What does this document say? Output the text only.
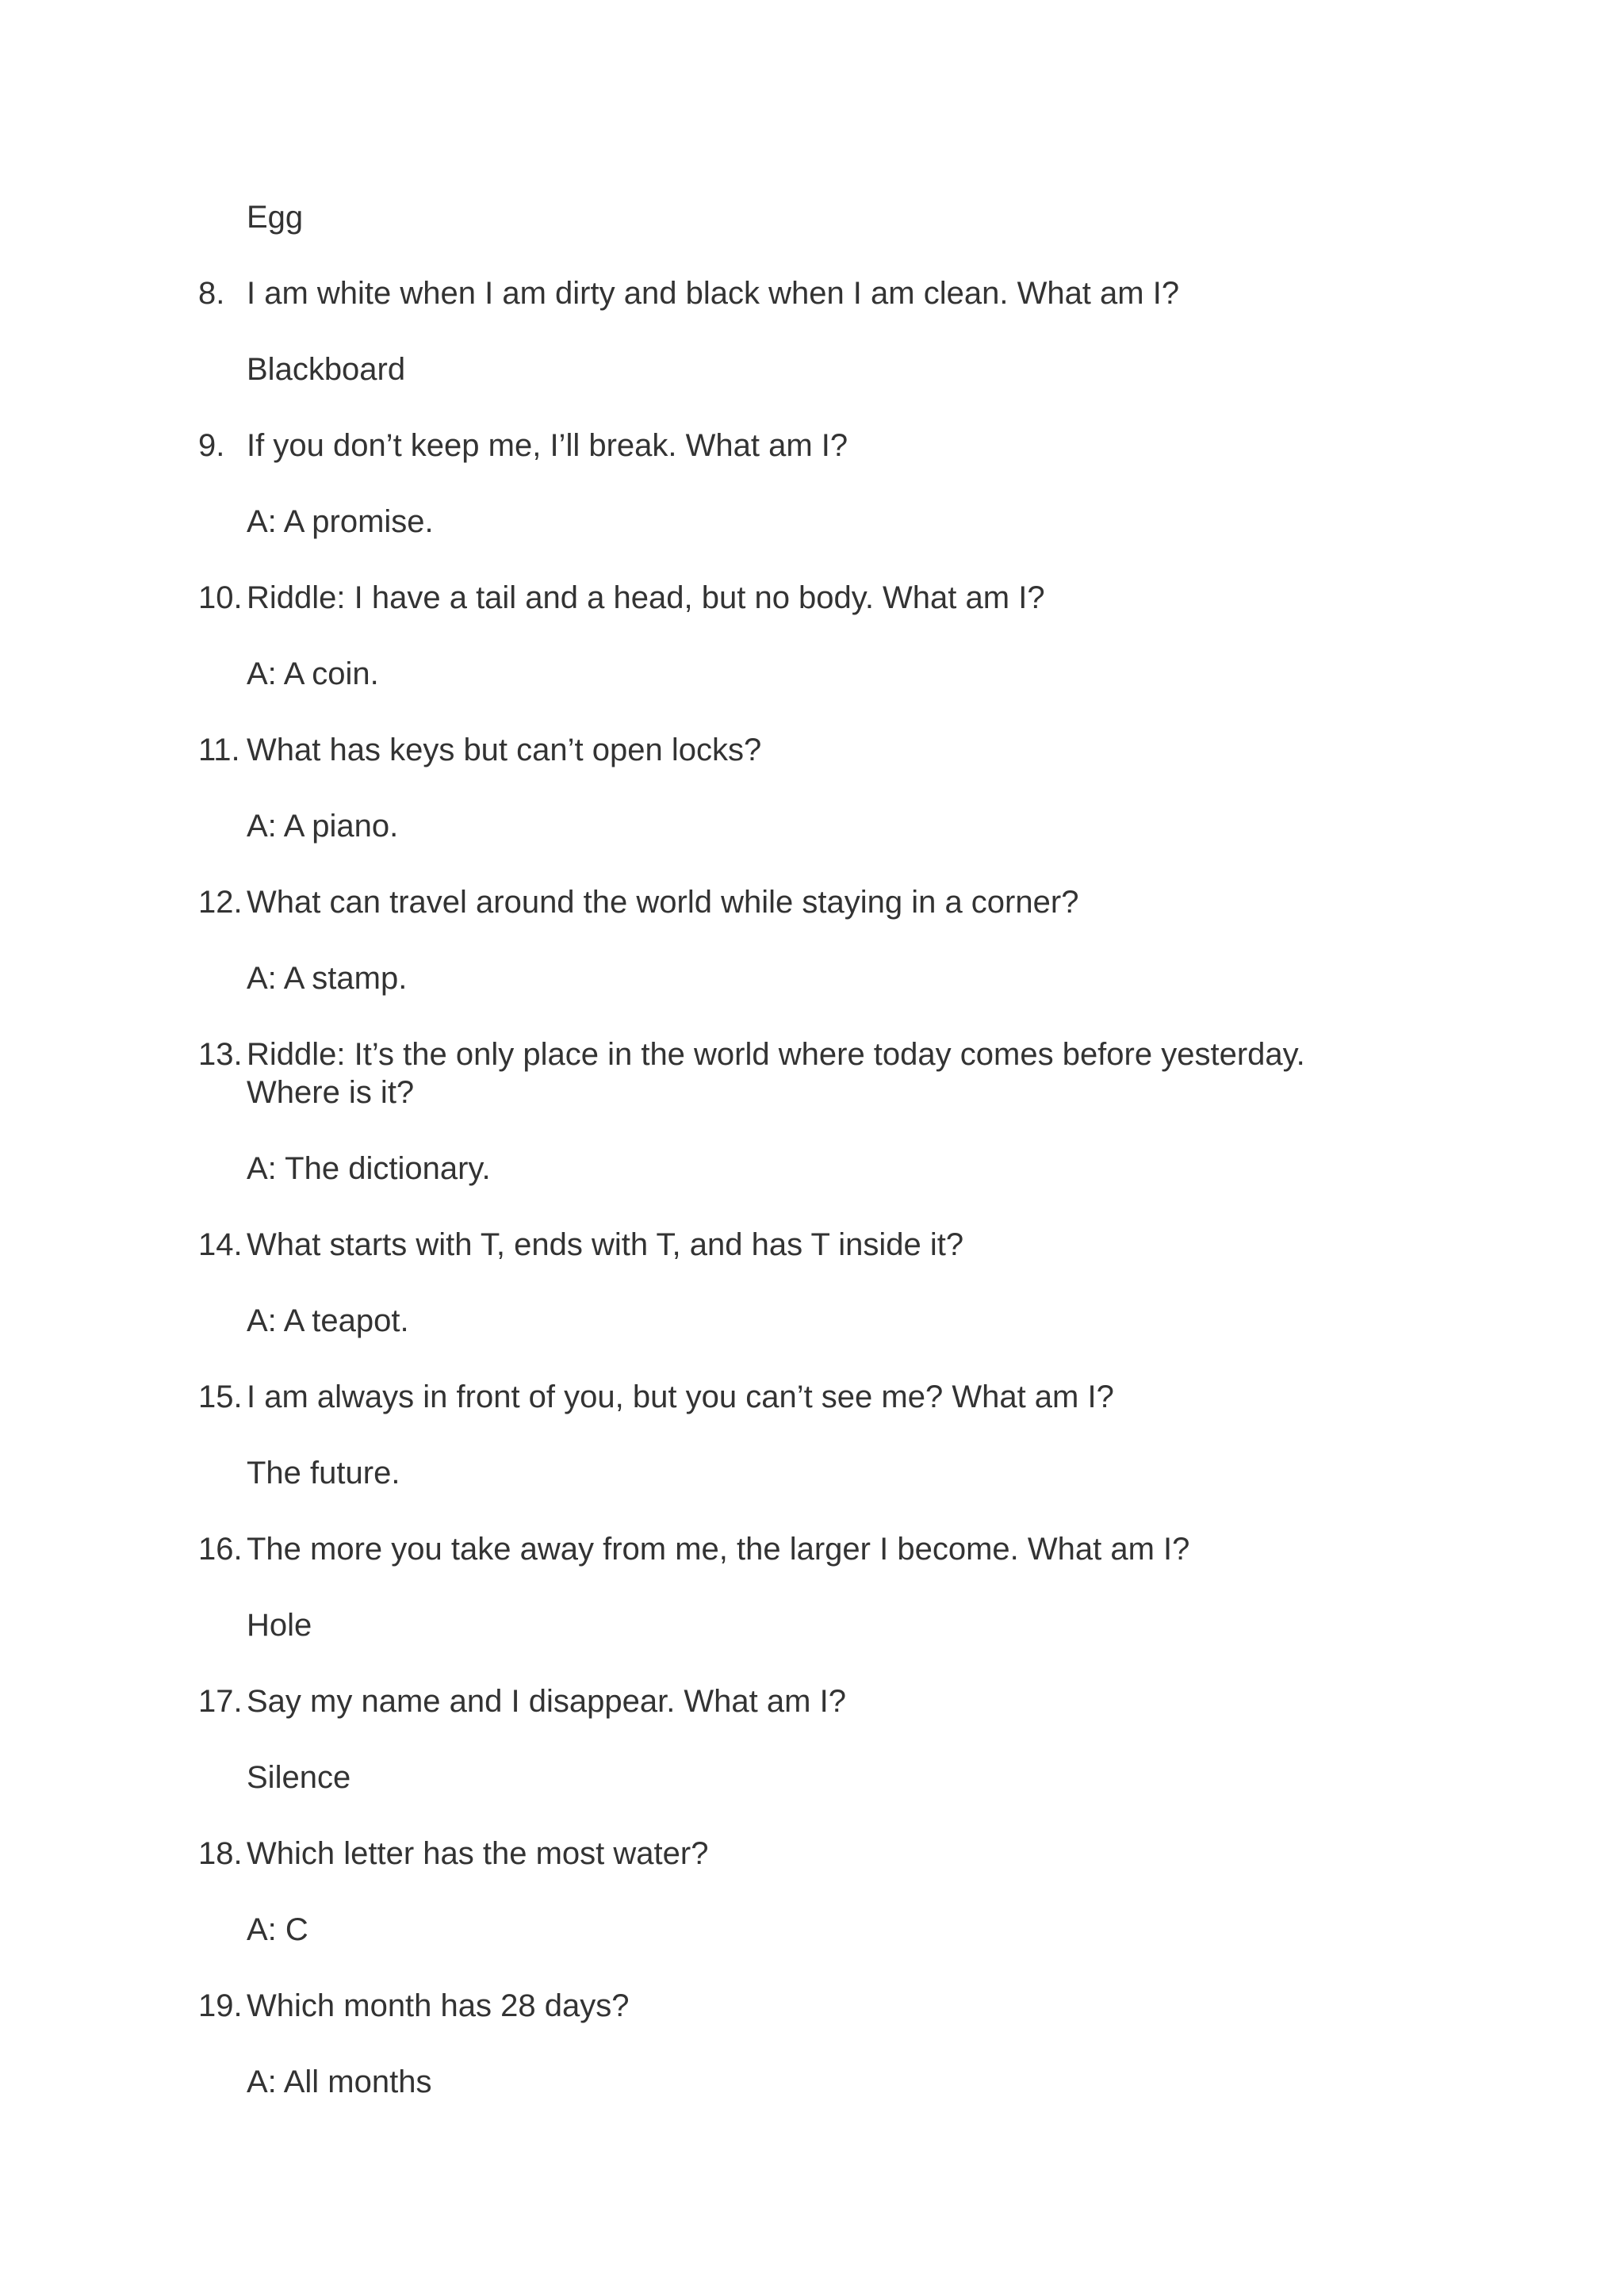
Egg
8. I am white when I am dirty and black when I am clean. What am I?
Blackboard
9. If you don’t keep me, I’ll break. What am I?
A: A promise.
10. Riddle: I have a tail and a head, but no body. What am I?
A: A coin.
11. What has keys but can’t open locks?
A: A piano.
12. What can travel around the world while staying in a corner?
A: A stamp.
13. Riddle: It’s the only place in the world where today comes before yesterday.
Where is it?
A: The dictionary.
14. What starts with T, ends with T, and has T inside it?
A: A teapot.
15. I am always in front of you, but you can’t see me? What am I?
The future.
16. The more you take away from me, the larger I become. What am I?
Hole
17. Say my name and I disappear. What am I?
Silence
18. Which letter has the most water?
A: C
19. Which month has 28 days?
A: All months
